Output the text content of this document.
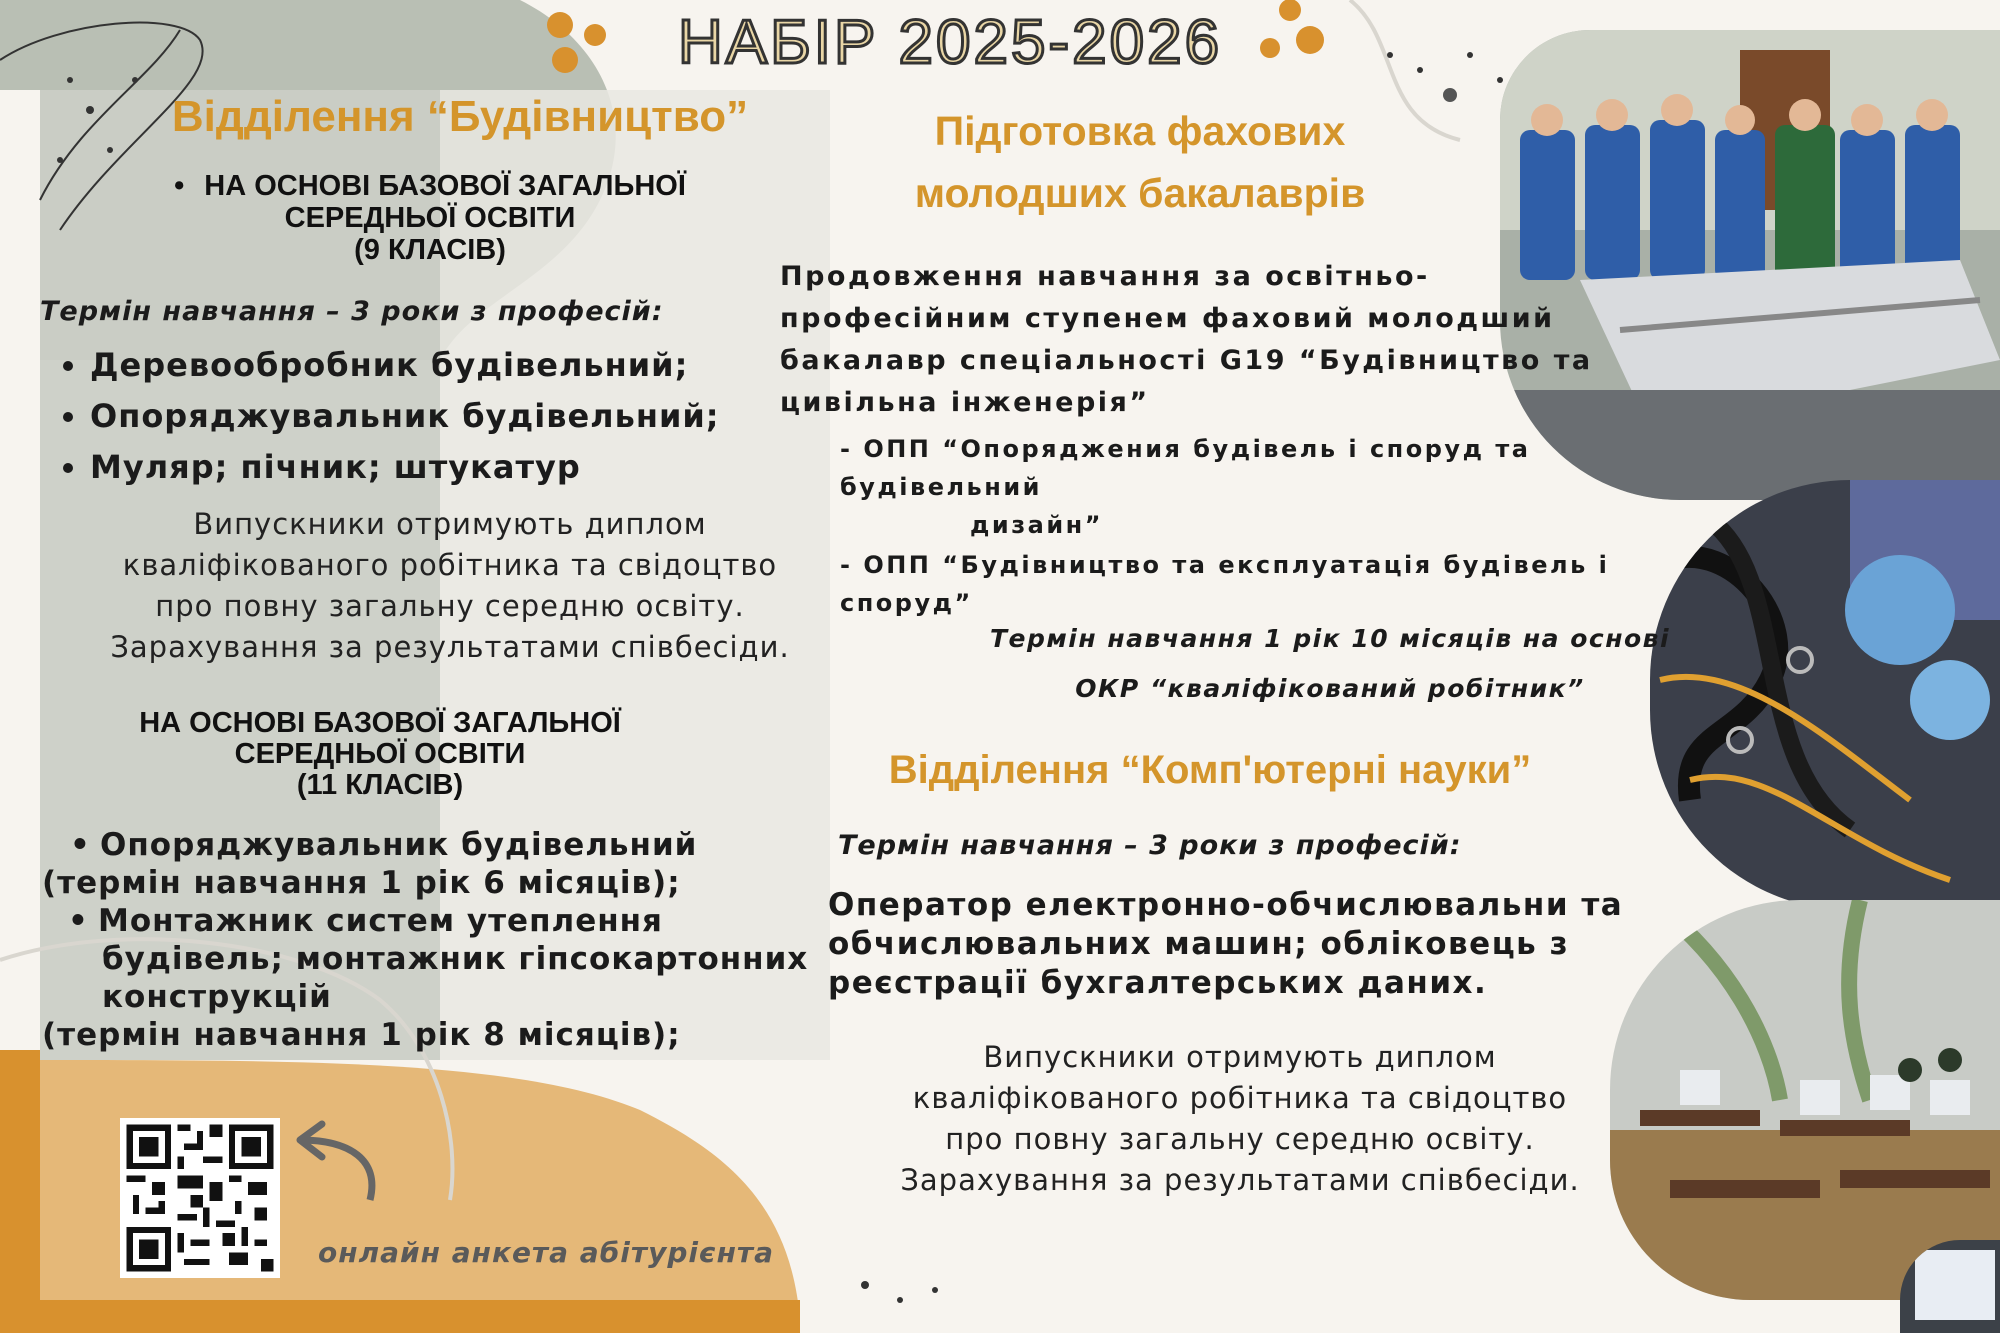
НАБІР 2025-2026
Відділення “Будівництво”
• НА ОСНОВІ БАЗОВОЇ ЗАГАЛЬНОЇ
СЕРЕДНЬОЇ ОСВІТИ
(9 КЛАСІВ)
Термін навчання – 3 роки з професій:
• Деревообробник будівельний;
• Опоряджувальник будівельний;
• Муляр; пічник; штукатур
Випускники отримують диплом
кваліфікованого робітника та свідоцтво
про повну загальну середню освіту.
Зарахування за результатами співбесіди.
НА ОСНОВІ БАЗОВОЇ ЗАГАЛЬНОЇ
СЕРЕДНЬОЇ ОСВІТИ
(11 КЛАСІВ)
• Опоряджувальник будівельний
(термін навчання 1 рік 6 місяців);
• Монтажник систем утеплення
будівель; монтажник гіпсокартонних
конструкцій
(термін навчання 1 рік 8 місяців);
онлайн анкета абітурієнта
Підготовка фахових
молодших бакалаврів
Продовження навчання за освітньо-
професійним ступенем фаховий молодший
бакалавр спеціальності G19 “Будівництво та
цивільна інженерія”
- ОПП “Опоряджения будівель і споруд та
будівельний
дизайн”
- ОПП “Будівництво та експлуатація будівель і
споруд”
Термін навчання 1 рік 10 місяців на основі
ОКР “кваліфікований робітник”
Відділення “Комп'ютерні науки”
Термін навчання – 3 роки з професій:
Оператор електронно-обчислювальни та
обчислювальних машин; обліковець з
реєстрації бухгалтерських даних.
Випускники отримують диплом
кваліфікованого робітника та свідоцтво
про повну загальну середню освіту.
Зарахування за результатами співбесіди.
